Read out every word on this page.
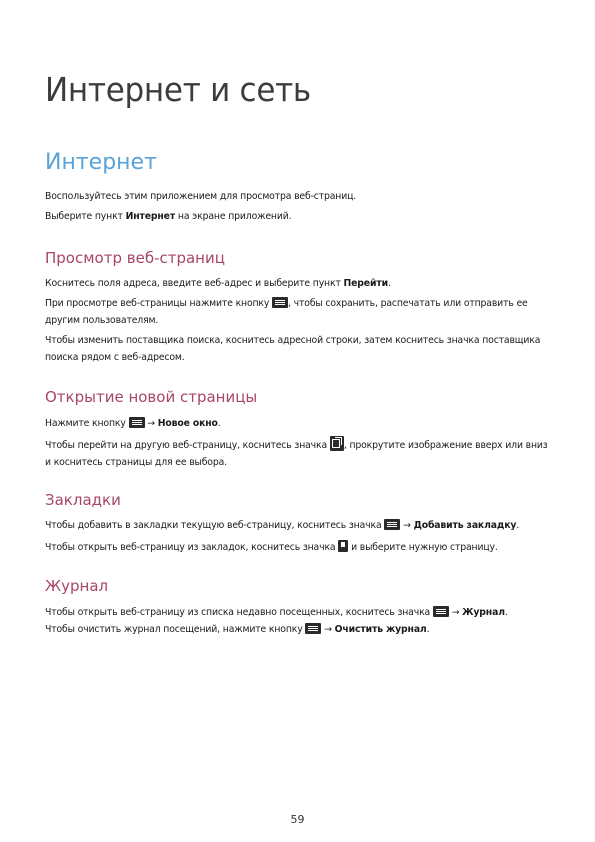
Интернет и сеть
Интернет

Воспользуйтесь этим приложением для просмотра веб-страниц.

Выберите пункт Интернет на экране приложений.

Просмотр веб-страниц

Коснитесь поля адреса, введите веб-адрес и выберите пункт Перейти.

При просмотре веб-страницы нажмите кнопку , чтобы сохранить, распечатать или отправить ее другим пользователям.

Чтобы изменить поставщика поиска, коснитесь адресной строки, затем коснитесь значка поставщика поиска рядом с веб-адресом.

Открытие новой страницы

Нажмите кнопку  → Новое окно.

Чтобы перейти на другую веб-страницу, коснитесь значка , прокрутите изображение вверх или вниз и коснитесь страницы для ее выбора.

Закладки

Чтобы добавить в закладки текущую веб-страницу, коснитесь значка  → Добавить закладку.

Чтобы открыть веб-страницу из закладок, коснитесь значка  и выберите нужную страницу.

Журнал

Чтобы открыть веб-страницу из списка недавно посещенных, коснитесь значка  → Журнал.

Чтобы очистить журнал посещений, нажмите кнопку  → Очистить журнал.

59
